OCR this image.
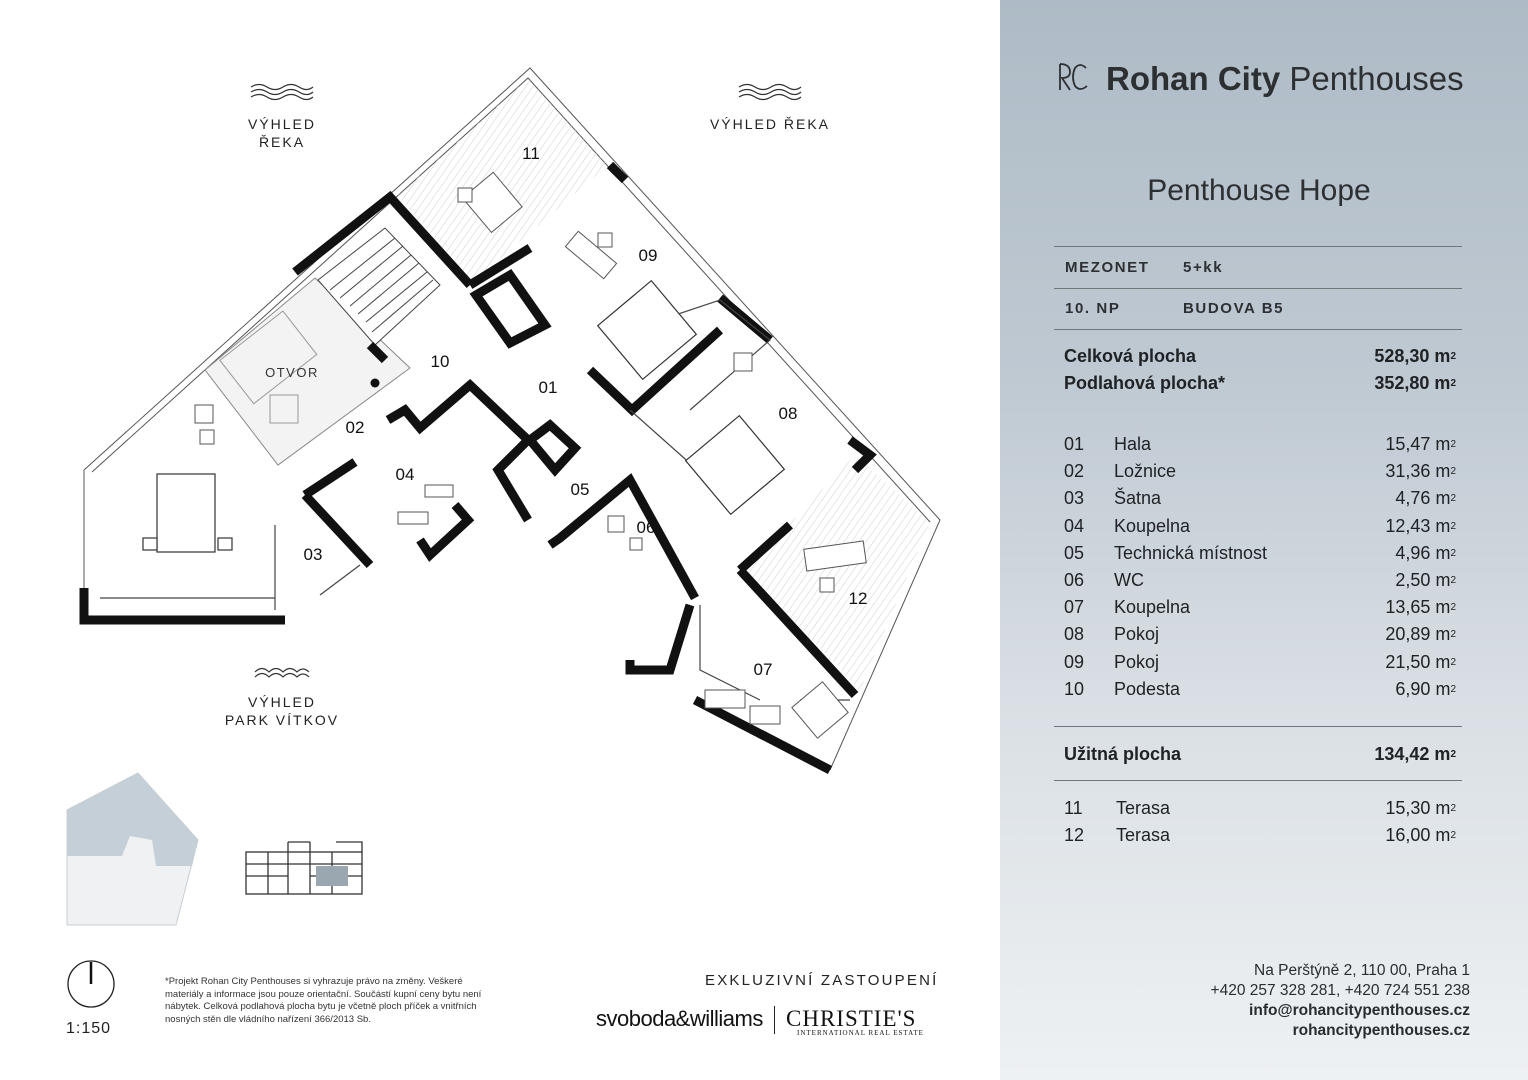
VÝHLED ŘEKA
VÝHLED ŘEKA
VÝHLED
PARK VÍTKOV
01
02
03
04
05
06
07
08
09
10
11
12
OTVOR
1:150
*Projekt Rohan City Penthouses si vyhrazuje právo na změny. Veškeré materiály a informace jsou pouze orientační. Součástí kupní ceny bytu není nábytek. Celková podlahová plocha bytu je včetně ploch příček a vnitřních nosných stěn dle vládního nařízení 366/2013 Sb.
EXKLUZIVNÍ ZASTOUPENÍ
svoboda&williams CHRISTIE'S
INTERNATIONAL REAL ESTATE
Rohan City Penthouses
Penthouse Hope
MEZONET 5+kk
10. NP	BUDOVA B5
Celková plocha	528,30 $m^2$
Podlahová plocha*	352,80 $m^2$
01 Hala	15,47 $m^2$
02 Ložnice	31,36 $m^2$
03 Šatna	4,76 $m^2$
04 Koupelna	12,43 $m^2$
05 Technická místnost	4,96 $m^2$
06 WC	2,50 $m^2$
07 Koupelna	13,65 $m^2$
08 Pokoj	20,89 $m^2$
09 Pokoj	21,50 $m^2$
10 Podesta	6,90 $m^2$
Užitná plocha	134,42 $m^2$
11 Terasa	15,30 $m^2$
12 Terasa	16,00 $m^2$
Na Perštýně 2, 110 00, Praha 1
+420 257 328 281, +420 724 551 238
info@rohancitypenthouses.cz
rohancitypenthouses.cz
